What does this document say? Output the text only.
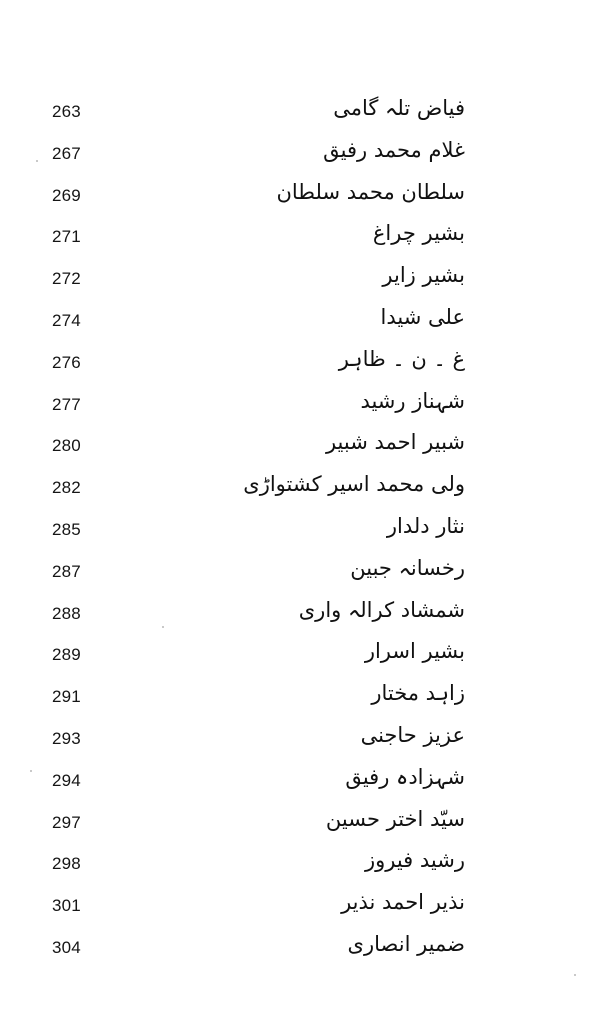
263	فیاض تلہ گامی
267	غلام محمد رفیق
269	سلطان محمد سلطان
271	بشیر چراغ
272	بشیر زایر
274	علی شیدا
276	غ ۔ ن ۔ ظاہر
277	شہناز رشید
280	شبیر احمد شبیر
282	ولی محمد اسیر کشتواڑی
285	نثار دلدار
287	رخسانہ جبین
288	شمشاد کرالہ واری
289	بشیر اسرار
291	زاہد مختار
293	عزیز حاجنی
294	شہزادہ رفیق
297	سیّد اختر حسین
298	رشید فیروز
301	نذیر احمد نذیر
304	ضمیر انصاری
